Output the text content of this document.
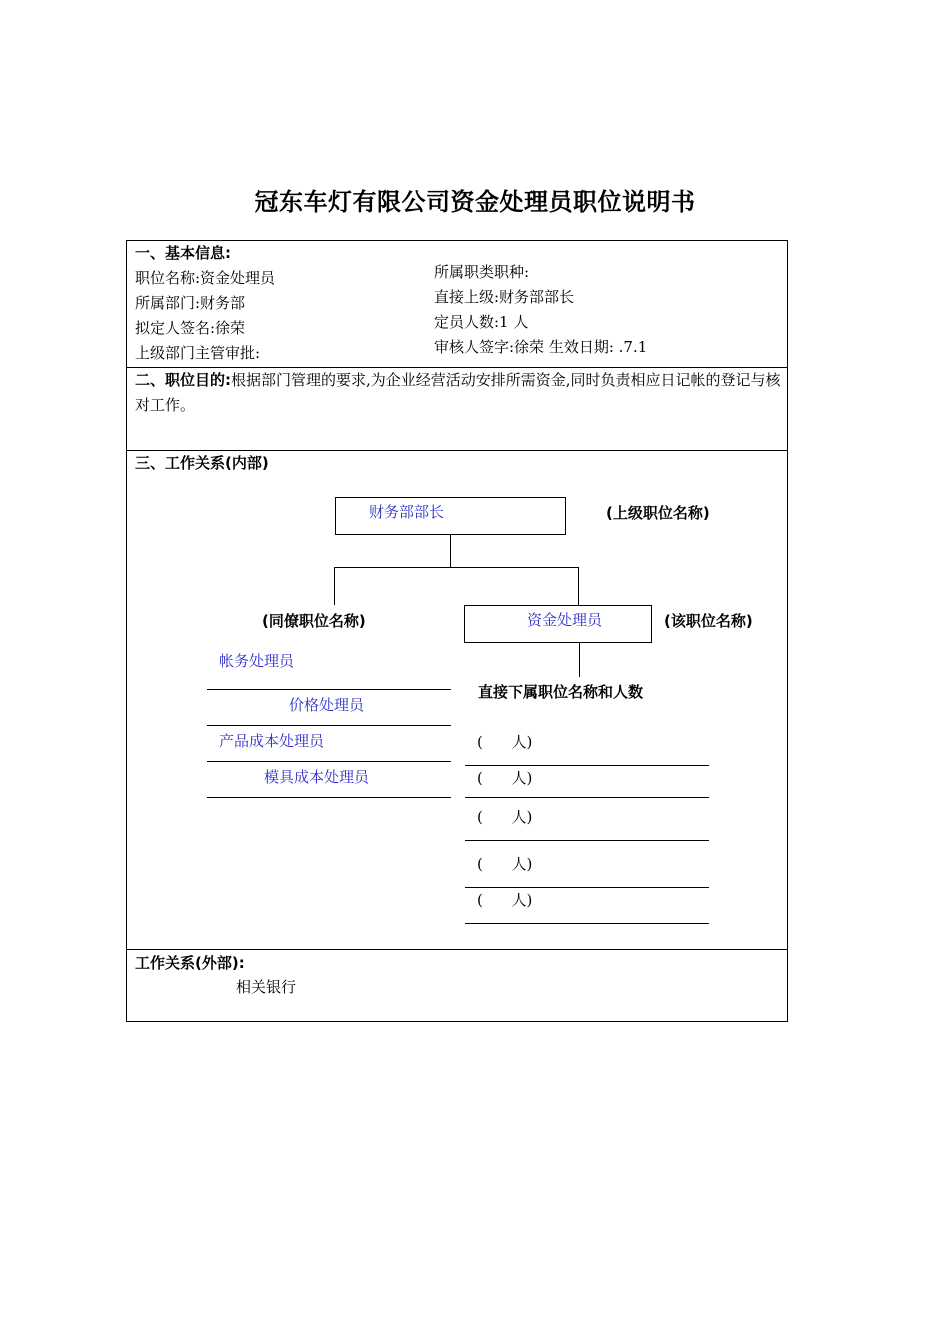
冠东车灯有限公司资金处理员职位说明书
一、基本信息:
职位名称:资金处理员
所属部门:财务部
拟定人签名:徐荣
上级部门主管审批:
所属职类职种:
直接上级:财务部部长
定员人数:1 人
审核人签字:徐荣 生效日期: .7.1
二、职位目的:根据部门管理的要求,为企业经营活动安排所需资金,同时负责相应日记帐的登记与核对工作。
三、工作关系(内部)
财务部部长	(上级职位名称)
(同僚职位名称)	资金处理员	(该职位名称)
帐务处理员
价格处理员
产品成本处理员
模具成本处理员
直接下属职位名称和人数
(      人)
(      人)
(      人)
(      人)
(      人)
工作关系(外部):
相关银行
